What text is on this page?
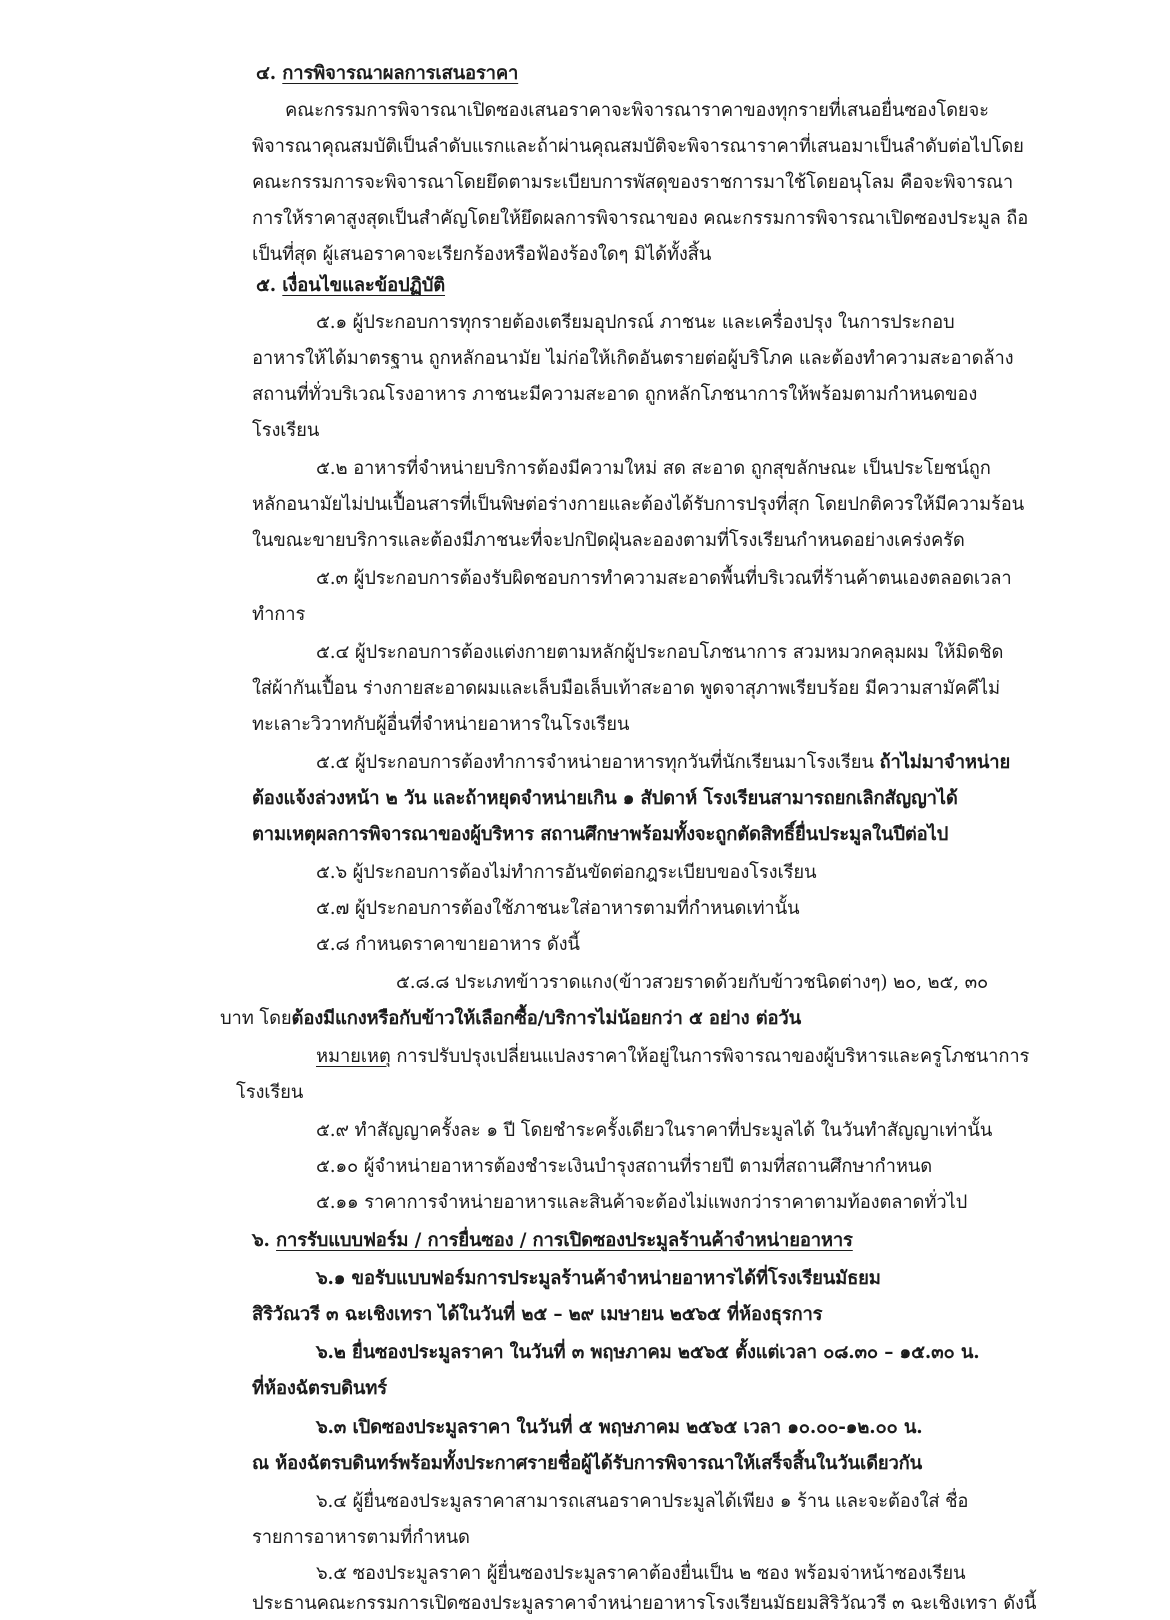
๔. การพิจารณาผลการเสนอราคา
คณะกรรมการพิจารณาเปิดซองเสนอราคาจะพิจารณาราคาของทุกรายที่เสนอยื่นซองโดยจะ
พิจารณาคุณสมบัติเป็นลำดับแรกและถ้าผ่านคุณสมบัติจะพิจารณาราคาที่เสนอมาเป็นลำดับต่อไปโดย
คณะกรรมการจะพิจารณาโดยยึดตามระเบียบการพัสดุของราชการมาใช้โดยอนุโลม คือจะพิจารณา
การให้ราคาสูงสุดเป็นสำคัญโดยให้ยึดผลการพิจารณาของ คณะกรรมการพิจารณาเปิดซองประมูล ถือ
เป็นที่สุด ผู้เสนอราคาจะเรียกร้องหรือฟ้องร้องใดๆ มิได้ทั้งสิ้น
๕. เงื่อนไขและข้อปฏิบัติ
๕.๑ ผู้ประกอบการทุกรายต้องเตรียมอุปกรณ์ ภาชนะ และเครื่องปรุง ในการประกอบ
อาหารให้ได้มาตรฐาน ถูกหลักอนามัย ไม่ก่อให้เกิดอันตรายต่อผู้บริโภค และต้องทำความสะอาดล้าง
สถานที่ทั่วบริเวณโรงอาหาร ภาชนะมีความสะอาด ถูกหลักโภชนาการให้พร้อมตามกำหนดของ
โรงเรียน
๕.๒ อาหารที่จำหน่ายบริการต้องมีความใหม่ สด สะอาด ถูกสุขลักษณะ เป็นประโยชน์ถูก
หลักอนามัยไม่ปนเปื้อนสารที่เป็นพิษต่อร่างกายและต้องได้รับการปรุงที่สุก โดยปกติควรให้มีความร้อน
ในขณะขายบริการและต้องมีภาชนะที่จะปกปิดฝุ่นละอองตามที่โรงเรียนกำหนดอย่างเคร่งครัด
๕.๓ ผู้ประกอบการต้องรับผิดชอบการทำความสะอาดพื้นที่บริเวณที่ร้านค้าตนเองตลอดเวลา
ทำการ
๕.๔ ผู้ประกอบการต้องแต่งกายตามหลักผู้ประกอบโภชนาการ สวมหมวกคลุมผม ให้มิดชิด
ใส่ผ้ากันเปื้อน ร่างกายสะอาดผมและเล็บมือเล็บเท้าสะอาด พูดจาสุภาพเรียบร้อย มีความสามัคคีไม่
ทะเลาะวิวาทกับผู้อื่นที่จำหน่ายอาหารในโรงเรียน
๕.๕ ผู้ประกอบการต้องทำการจำหน่ายอาหารทุกวันที่นักเรียนมาโรงเรียน ถ้าไม่มาจำหน่าย
ต้องแจ้งล่วงหน้า ๒ วัน และถ้าหยุดจำหน่ายเกิน ๑ สัปดาห์ โรงเรียนสามารถยกเลิกสัญญาได้
ตามเหตุผลการพิจารณาของผู้บริหาร สถานศึกษาพร้อมทั้งจะถูกตัดสิทธิ์ยื่นประมูลในปีต่อไป
๕.๖ ผู้ประกอบการต้องไม่ทำการอันขัดต่อกฎระเบียบของโรงเรียน
๕.๗ ผู้ประกอบการต้องใช้ภาชนะใส่อาหารตามที่กำหนดเท่านั้น
๕.๘ กำหนดราคาขายอาหาร ดังนี้
๕.๘.๘ ประเภทข้าวราดแกง(ข้าวสวยราดด้วยกับข้าวชนิดต่างๆ) ๒๐, ๒๕, ๓๐
บาท โดยต้องมีแกงหรือกับข้าวให้เลือกซื้อ/บริการไม่น้อยกว่า ๕ อย่าง ต่อวัน
หมายเหตุ การปรับปรุงเปลี่ยนแปลงราคาให้อยู่ในการพิจารณาของผู้บริหารและครูโภชนาการ
โรงเรียน
๕.๙ ทำสัญญาครั้งละ ๑ ปี โดยชำระครั้งเดียวในราคาที่ประมูลได้ ในวันทำสัญญาเท่านั้น
๕.๑๐ ผู้จำหน่ายอาหารต้องชำระเงินบำรุงสถานที่รายปี ตามที่สถานศึกษากำหนด
๕.๑๑ ราคาการจำหน่ายอาหารและสินค้าจะต้องไม่แพงกว่าราคาตามท้องตลาดทั่วไป
๖. การรับแบบฟอร์ม / การยื่นซอง / การเปิดซองประมูลร้านค้าจำหน่ายอาหาร
๖.๑ ขอรับแบบฟอร์มการประมูลร้านค้าจำหน่ายอาหารได้ที่โรงเรียนมัธยม
สิริวัณวรี ๓ ฉะเชิงเทรา ได้ในวันที่ ๒๕ – ๒๙ เมษายน ๒๕๖๕ ที่ห้องธุรการ
๖.๒ ยื่นซองประมูลราคา ในวันที่ ๓ พฤษภาคม ๒๕๖๕ ตั้งแต่เวลา ๐๘.๓๐ – ๑๕.๓๐ น.
ที่ห้องฉัตรบดินทร์
๖.๓ เปิดซองประมูลราคา ในวันที่ ๕ พฤษภาคม ๒๕๖๕ เวลา ๑๐.๐๐-๑๒.๐๐ น.
ณ ห้องฉัตรบดินทร์พร้อมทั้งประกาศรายชื่อผู้ได้รับการพิจารณาให้เสร็จสิ้นในวันเดียวกัน
๖.๔ ผู้ยื่นซองประมูลราคาสามารถเสนอราคาประมูลได้เพียง ๑ ร้าน และจะต้องใส่ ชื่อ
รายการอาหารตามที่กำหนด
๖.๕ ซองประมูลราคา ผู้ยื่นซองประมูลราคาต้องยื่นเป็น ๒ ซอง พร้อมจ่าหน้าซองเรียน
ประธานคณะกรรมการเปิดซองประมูลราคาจำหน่ายอาหารโรงเรียนมัธยมสิริวัณวรี ๓ ฉะเชิงเทรา ดังนี้
